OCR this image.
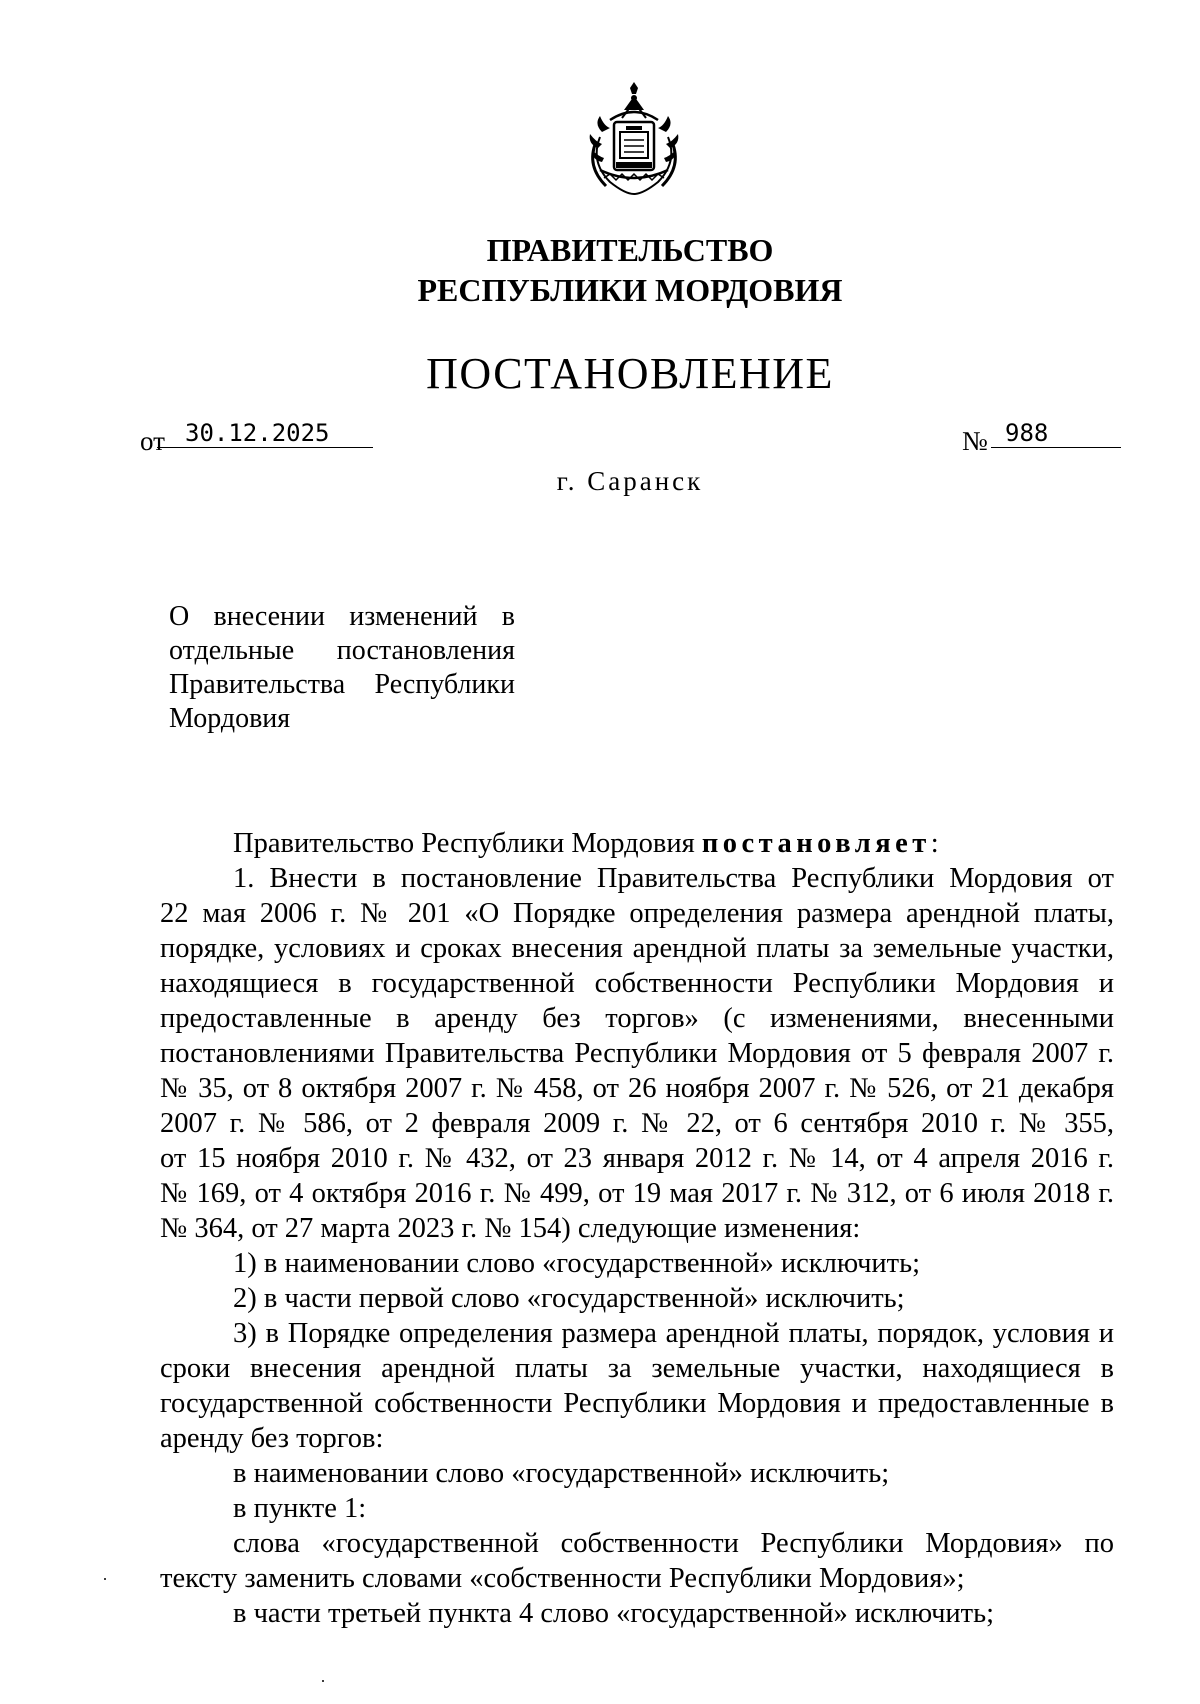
ПРАВИТЕЛЬСТВО
РЕСПУБЛИКИ МОРДОВИЯ
ПОСТАНОВЛЕНИЕ
от 30.12.2025	№ 988
г. Саранск
О внесении изменений в
отдельные постановления
Правительства Республики
Мордовия
Правительство Республики Мордовия постановляет:
1. Внести в постановление Правительства Республики Мордовия от
22 мая 2006 г. № 201 «О Порядке определения размера арендной платы,
порядке, условиях и сроках внесения арендной платы за земельные участки,
находящиеся в государственной собственности Республики Мордовия и
предоставленные в аренду без торгов» (с изменениями, внесенными
постановлениями Правительства Республики Мордовия от 5 февраля 2007 г.
№ 35, от 8 октября 2007 г. № 458, от 26 ноября 2007 г. № 526, от 21 декабря
2007 г. № 586, от 2 февраля 2009 г. № 22, от 6 сентября 2010 г. № 355,
от 15 ноября 2010 г. № 432, от 23 января 2012 г. № 14, от 4 апреля 2016 г.
№ 169, от 4 октября 2016 г. № 499, от 19 мая 2017 г. № 312, от 6 июля 2018 г.
№ 364, от 27 марта 2023 г. № 154) следующие изменения:
1) в наименовании слово «государственной» исключить;
2) в части первой слово «государственной» исключить;
3) в Порядке определения размера арендной платы, порядок, условия и
сроки внесения арендной платы за земельные участки, находящиеся в
государственной собственности Республики Мордовия и предоставленные в
аренду без торгов:
в наименовании слово «государственной» исключить;
в пункте 1:
слова «государственной собственности Республики Мордовия» по
тексту заменить словами «собственности Республики Мордовия»;
в части третьей пункта 4 слово «государственной» исключить;
